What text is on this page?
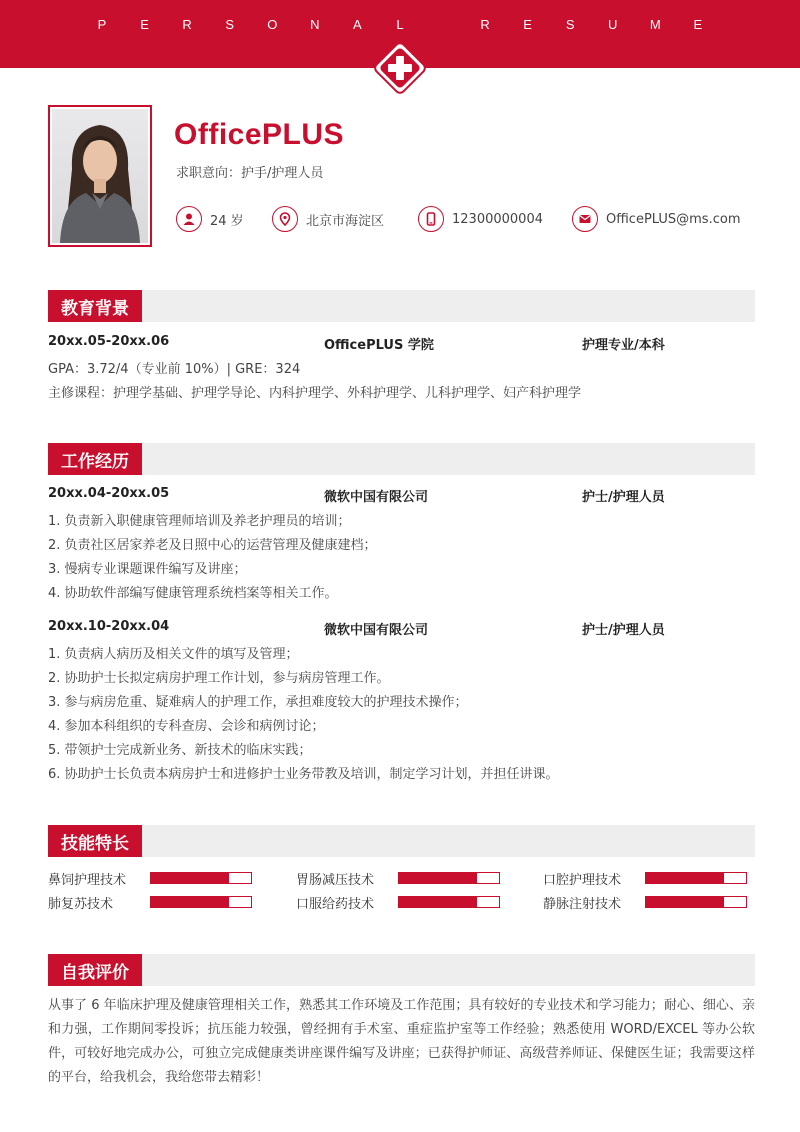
P	E	R	S	O	N	A	L	R	E	S	U M	E
OfficePLUS
求职意向：护手/护理人员
24 岁	北京市海淀区	12300000004	OfficePLUS@ms.com
教育背景
20xx.05-20xx.06	OfficePLUS 学院	护理专业/本科
GPA：3.72/4（专业前 10%）| GRE：324
主修课程：护理学基础、护理学导论、内科护理学、外科护理学、儿科护理学、妇产科护理学
工作经历
20xx.04-20xx.05	微软中国有限公司	护士/护理人员
1. 负责新入职健康管理师培训及养老护理员的培训；
2. 负责社区居家养老及日照中心的运营管理及健康建档；
3. 慢病专业课题课件编写及讲座；
4. 协助软件部编写健康管理系统档案等相关工作。
20xx.10-20xx.04	微软中国有限公司	护士/护理人员
1. 负责病人病历及相关文件的填写及管理；
2. 协助护士长拟定病房护理工作计划，参与病房管理工作。
3. 参与病房危重、疑难病人的护理工作，承担难度较大的护理技术操作；
4. 参加本科组织的专科查房、会诊和病例讨论；
5. 带领护士完成新业务、新技术的临床实践；
6. 协助护士长负责本病房护士和进修护士业务带教及培训，制定学习计划，并担任讲课。
技能特长
鼻饲护理技术	胃肠减压技术	口腔护理技术
肺复苏技术	口服给药技术	静脉注射技术
自我评价
从事了 6 年临床护理及健康管理相关工作，熟悉其工作环境及工作范围；具有较好的专业技术和学习能力；耐心、细心、亲和力强，工作期间零投诉；抗压能力较强，曾经拥有手术室、重症监护室等工作经验；熟悉使用 WORD/EXCEL 等办公软件，可较好地完成办公，可独立完成健康类讲座课件编写及讲座；已获得护师证、高级营养师证、保健医生证；我需要这样的平台，给我机会，我给您带去精彩！
